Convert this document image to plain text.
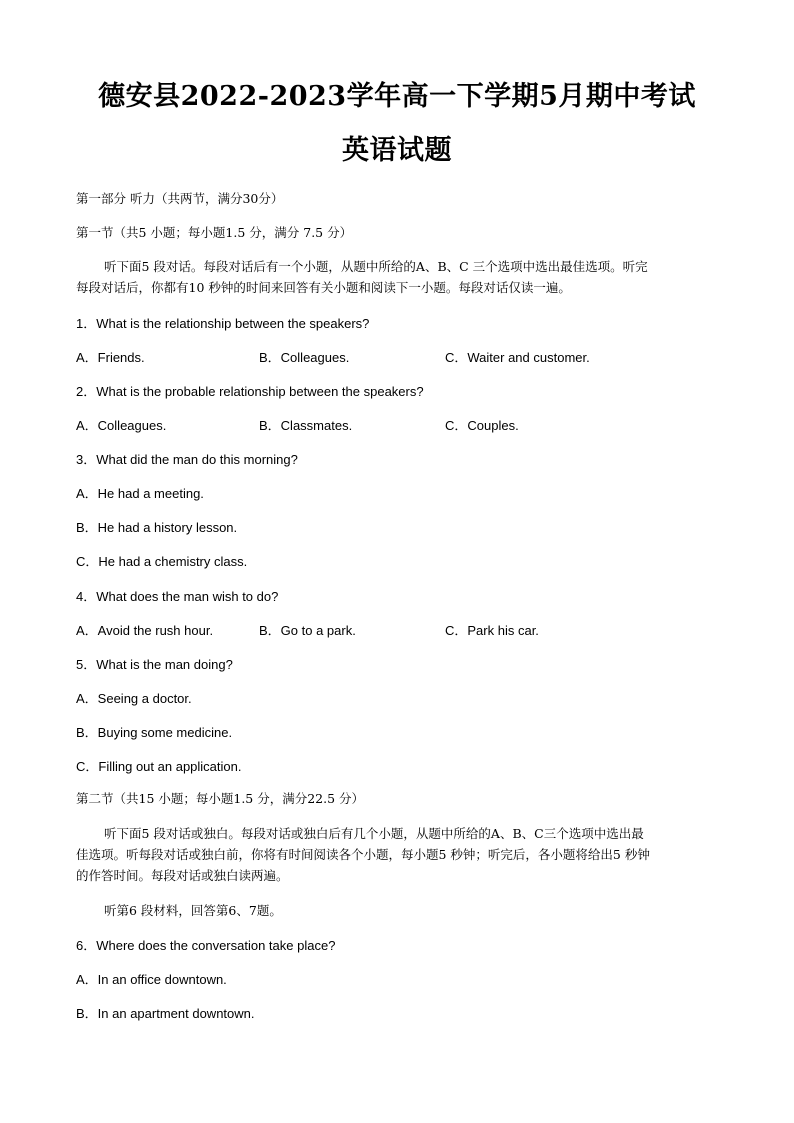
德安县2022-2023学年高一下学期5月期中考试
英语试题
第一部分 听力（共两节，满分30分）
第一节（共5 小题；每小题1.5 分，满分 7.5 分）
听下面5 段对话。每段对话后有一个小题，从题中所给的A、B、C 三个选项中选出最佳选项。听完
每段对话后，你都有10 秒钟的时间来回答有关小题和阅读下一小题。每段对话仅读一遍。
1．What is the relationship between the speakers?
A．Friends.	B．Colleagues.	C．Waiter and customer.
2．What is the probable relationship between the speakers?
A．Colleagues.	B．Classmates.	C．Couples.
3．What did the man do this morning?
A．He had a meeting.
B．He had a history lesson.
C．He had a chemistry class.
4．What does the man wish to do?
A．Avoid the rush hour.	B．Go to a park.	C．Park his car.
5．What is the man doing?
A．Seeing a doctor.
B．Buying some medicine.
C．Filling out an application.
第二节（共15 小题；每小题1.5 分，满分22.5 分）
听下面5 段对话或独白。每段对话或独白后有几个小题，从题中所给的A、B、C三个选项中选出最
佳选项。听每段对话或独白前，你将有时间阅读各个小题，每小题5 秒钟；听完后，各小题将给出5 秒钟
的作答时间。每段对话或独白读两遍。
听第6 段材料，回答第6、7题。
6．Where does the conversation take place?
A．In an office downtown.
B．In an apartment downtown.
